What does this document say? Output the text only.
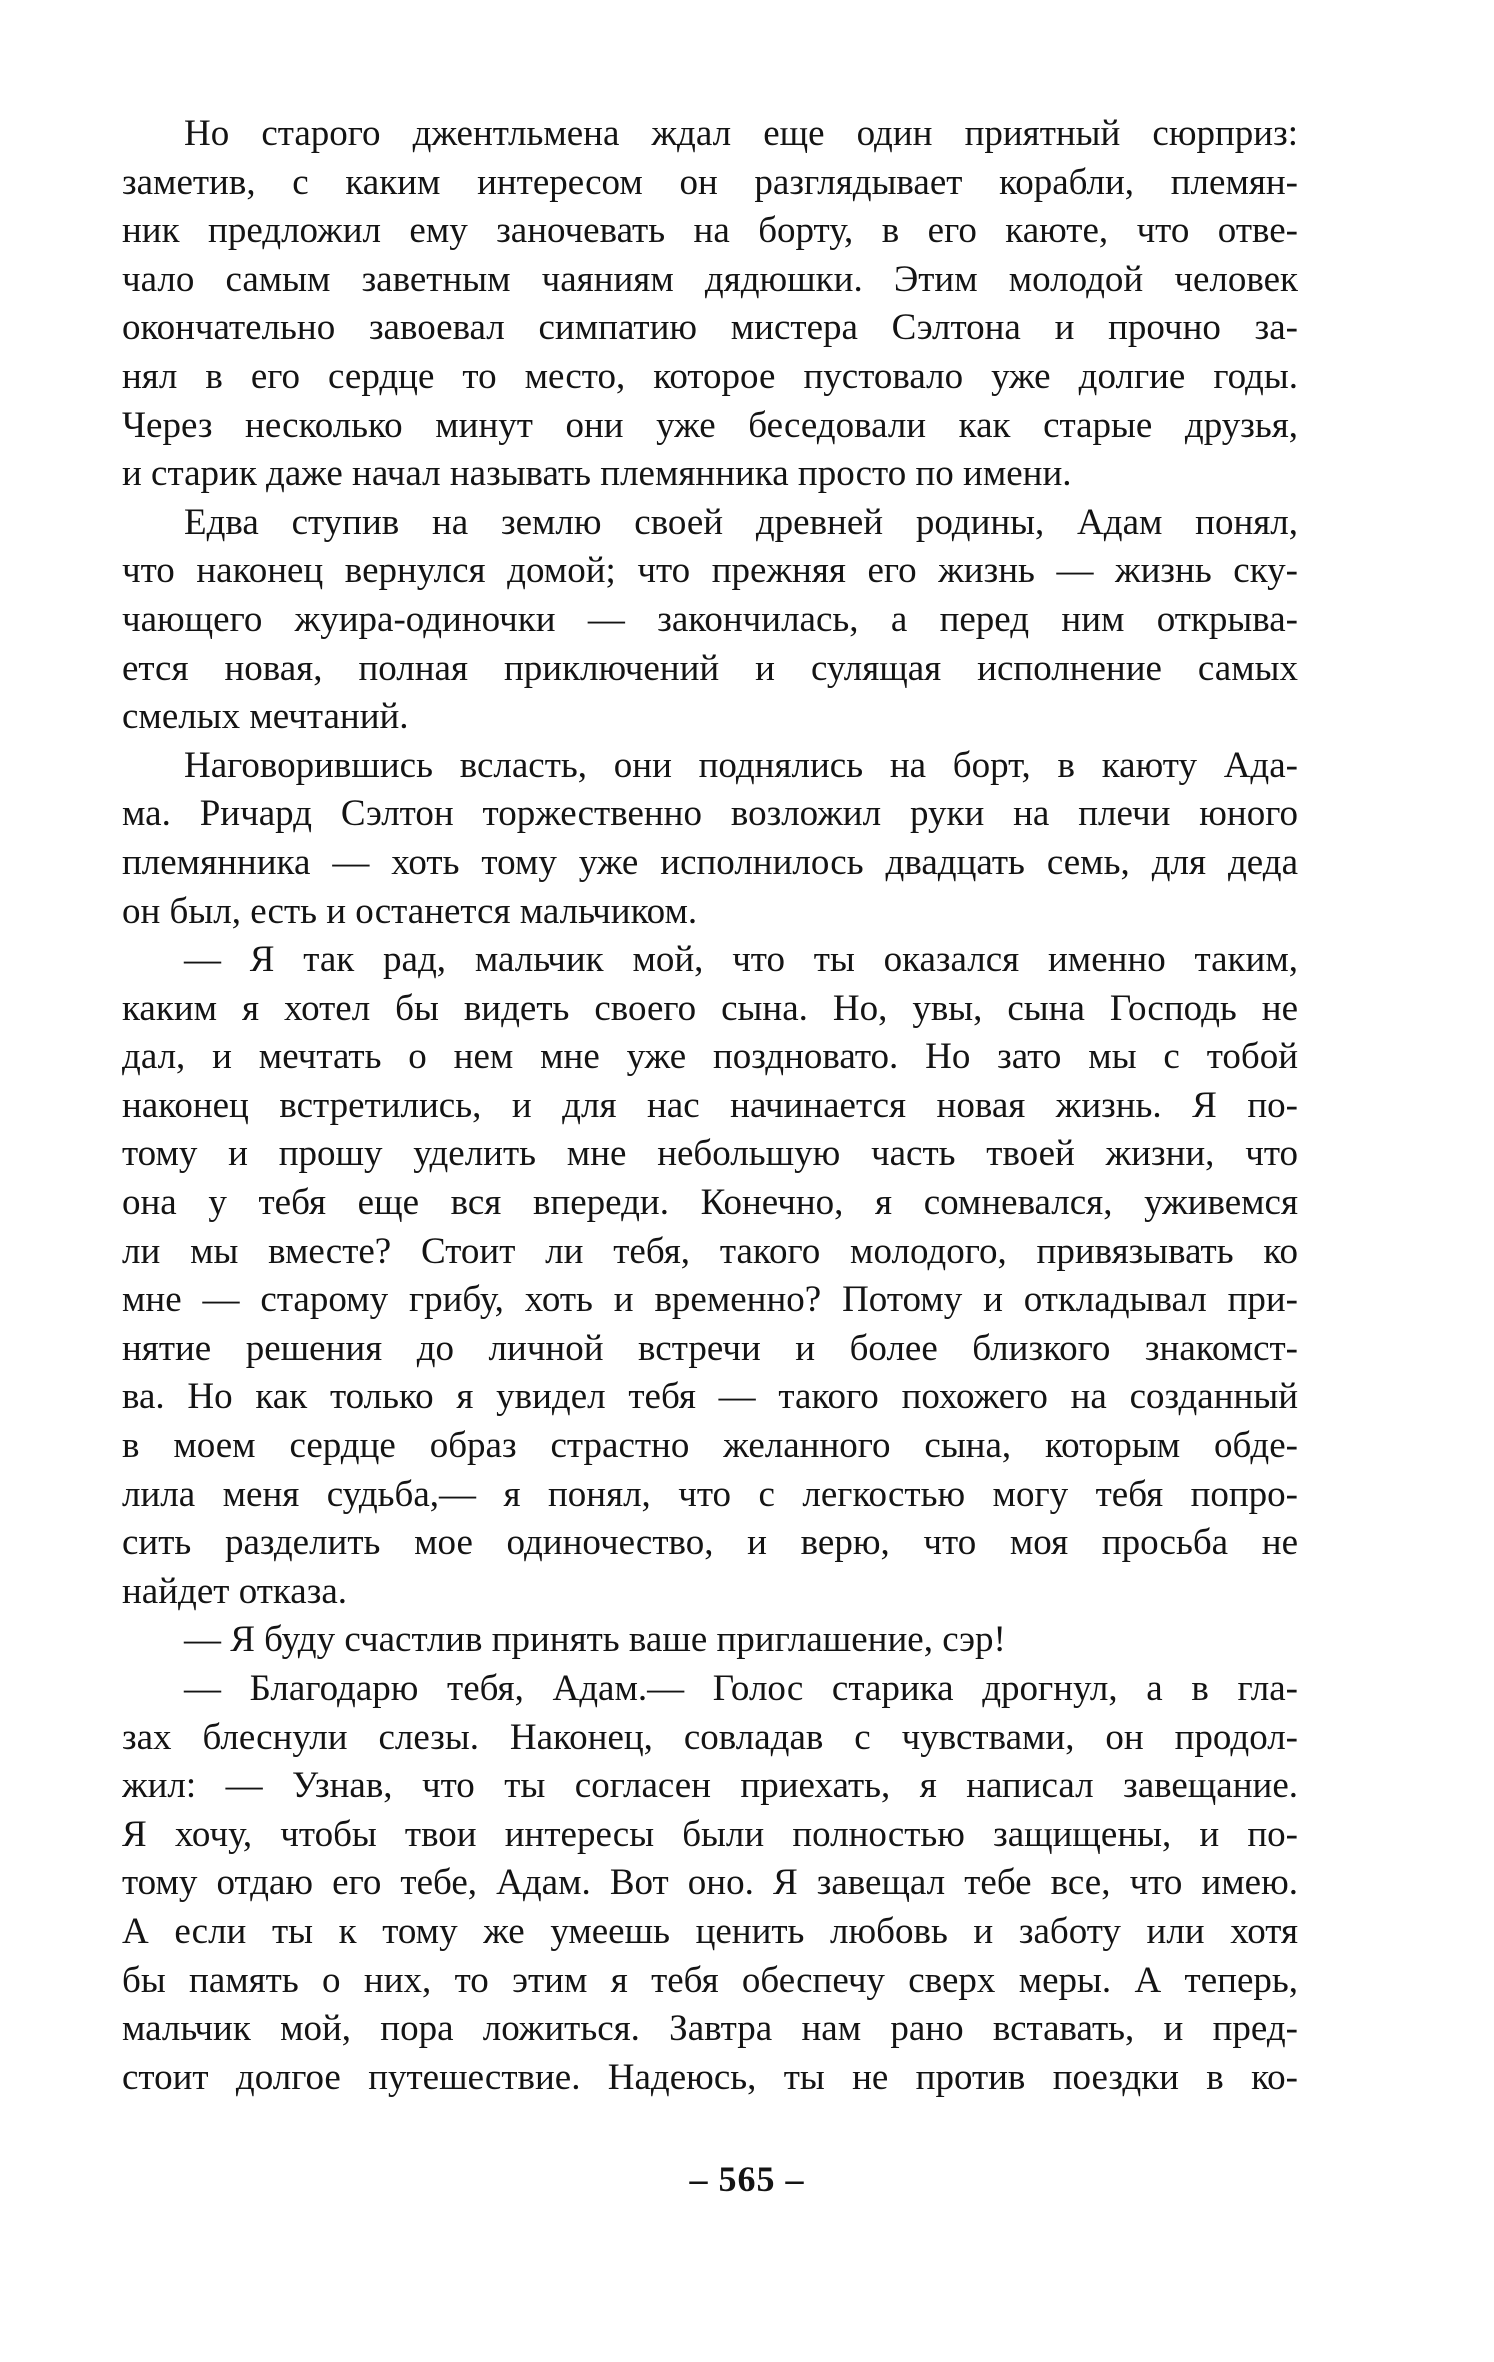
Но старого джентльмена ждал еще один приятный сюрприз:
заметив, с каким интересом он разглядывает корабли, племян-
ник предложил ему заночевать на борту, в его каюте, что отве-
чало самым заветным чаяниям дядюшки. Этим молодой человек
окончательно завоевал симпатию мистера Сэлтона и прочно за-
нял в его сердце то место, которое пустовало уже долгие годы.
Через несколько минут они уже беседовали как старые друзья,
и старик даже начал называть племянника просто по имени.
Едва ступив на землю своей древней родины, Адам понял,
что наконец вернулся домой; что прежняя его жизнь — жизнь ску-
чающего жуира-одиночки — закончилась, а перед ним открыва-
ется новая, полная приключений и сулящая исполнение самых
смелых мечтаний.
Наговорившись всласть, они поднялись на борт, в каюту Ада-
ма. Ричард Сэлтон торжественно возложил руки на плечи юного
племянника — хоть тому уже исполнилось двадцать семь, для деда
он был, есть и останется мальчиком.
— Я так рад, мальчик мой, что ты оказался именно таким,
каким я хотел бы видеть своего сына. Но, увы, сына Господь не
дал, и мечтать о нем мне уже поздновато. Но зато мы с тобой
наконец встретились, и для нас начинается новая жизнь. Я по-
тому и прошу уделить мне небольшую часть твоей жизни, что
она у тебя еще вся впереди. Конечно, я сомневался, уживемся
ли мы вместе? Стоит ли тебя, такого молодого, привязывать ко
мне — старому грибу, хоть и временно? Потому и откладывал при-
нятие решения до личной встречи и более близкого знакомст-
ва. Но как только я увидел тебя — такого похожего на созданный
в моем сердце образ страстно желанного сына, которым обде-
лила меня судьба,— я понял, что с легкостью могу тебя попро-
сить разделить мое одиночество, и верю, что моя просьба не
найдет отказа.
— Я буду счастлив принять ваше приглашение, сэр!
— Благодарю тебя, Адам.— Голос старика дрогнул, а в гла-
зах блеснули слезы. Наконец, совладав с чувствами, он продол-
жил: — Узнав, что ты согласен приехать, я написал завещание.
Я хочу, чтобы твои интересы были полностью защищены, и по-
тому отдаю его тебе, Адам. Вот оно. Я завещал тебе все, что имею.
А если ты к тому же умеешь ценить любовь и заботу или хотя
бы память о них, то этим я тебя обеспечу сверх меры. А теперь,
мальчик мой, пора ложиться. Завтра нам рано вставать, и пред-
стоит долгое путешествие. Надеюсь, ты не против поездки в ко-
– 565 –
